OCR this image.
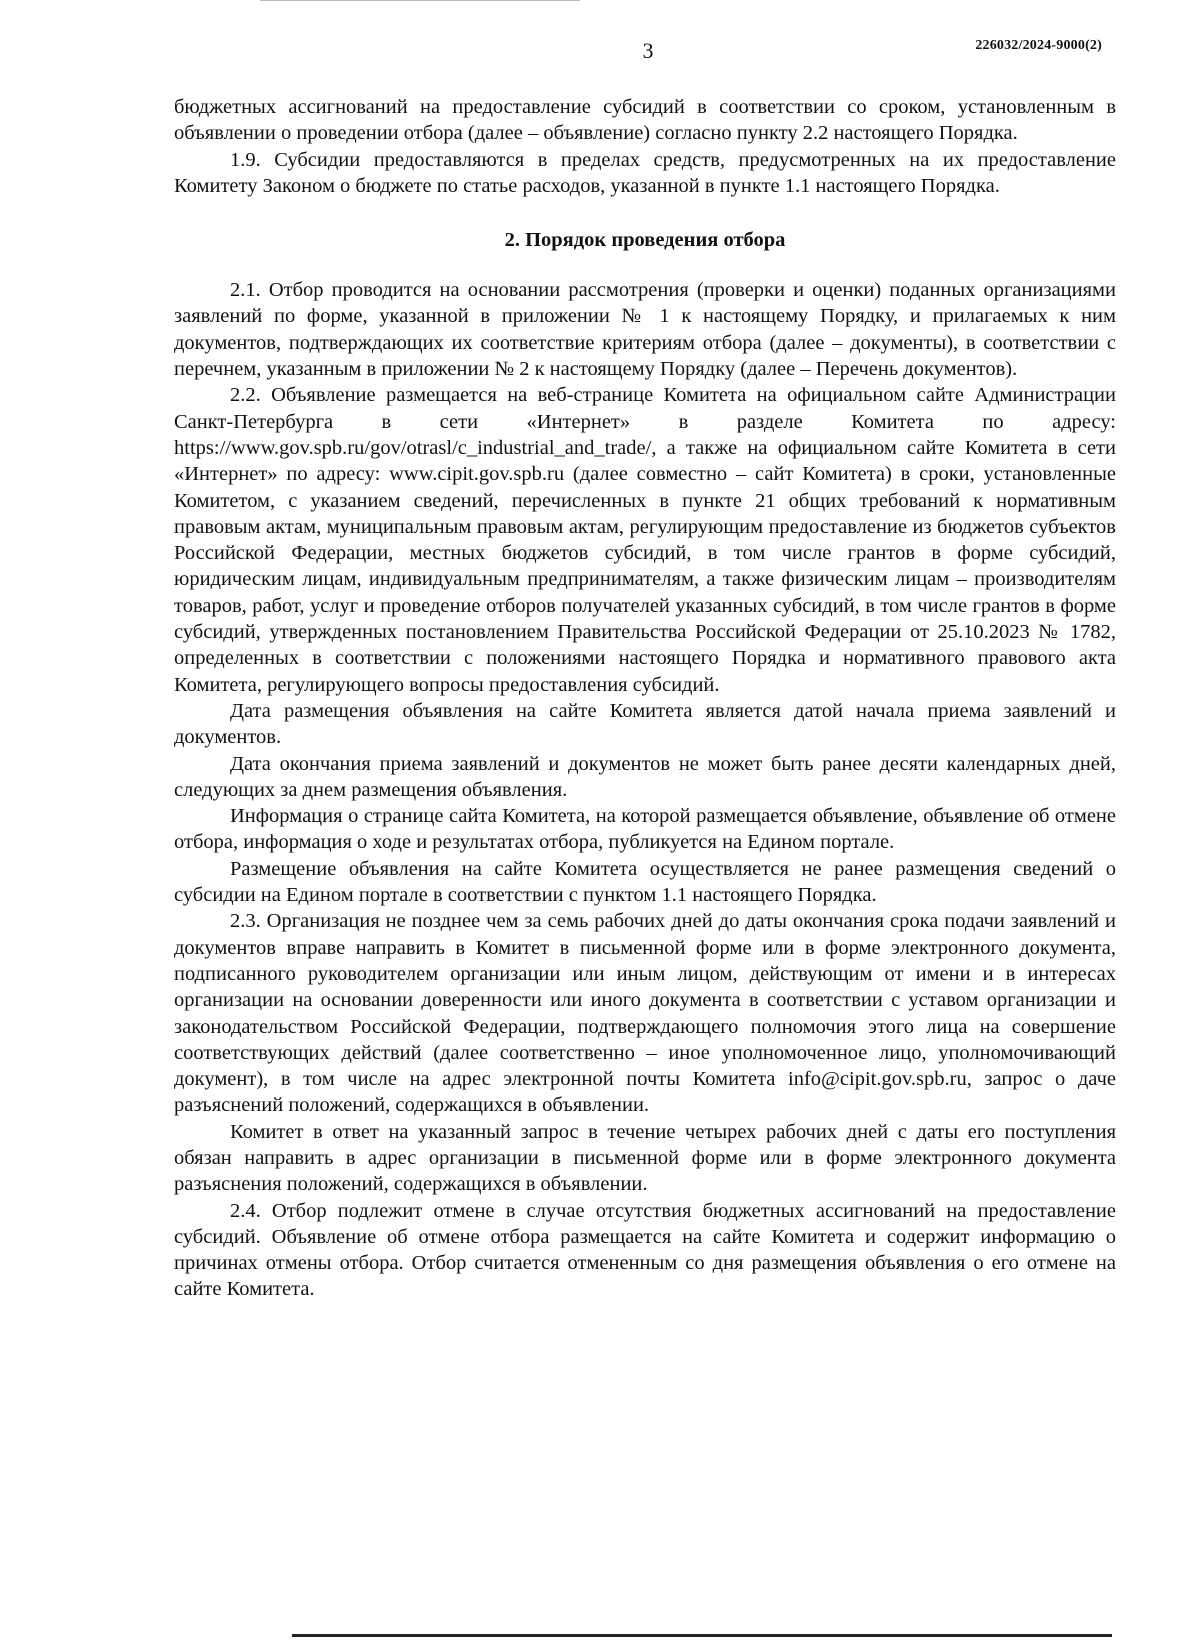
3	226032/2024-9000(2)

бюджетных ассигнований на предоставление субсидий в соответствии со сроком, установленным в объявлении о проведении отбора (далее – объявление) согласно пункту 2.2 настоящего Порядка.

1.9. Субсидии предоставляются в пределах средств, предусмотренных на их предоставление Комитету Законом о бюджете по статье расходов, указанной в пункте 1.1 настоящего Порядка.

2. Порядок проведения отбора

2.1. Отбор проводится на основании рассмотрения (проверки и оценки) поданных организациями заявлений по форме, указанной в приложении № 1 к настоящему Порядку, и прилагаемых к ним документов, подтверждающих их соответствие критериям отбора (далее – документы), в соответствии с перечнем, указанным в приложении № 2 к настоящему Порядку (далее – Перечень документов).

2.2. Объявление размещается на веб-странице Комитета на официальном сайте Администрации Санкт-Петербурга в сети «Интернет» в разделе Комитета по адресу: https://www.gov.spb.ru/gov/otrasl/c_industrial_and_trade/, а также на официальном сайте Комитета в сети «Интернет» по адресу: www.cipit.gov.spb.ru (далее совместно – сайт Комитета) в сроки, установленные Комитетом, с указанием сведений, перечисленных в пункте 21 общих требований к нормативным правовым актам, муниципальным правовым актам, регулирующим предоставление из бюджетов субъектов Российской Федерации, местных бюджетов субсидий, в том числе грантов в форме субсидий, юридическим лицам, индивидуальным предпринимателям, а также физическим лицам – производителям товаров, работ, услуг и проведение отборов получателей указанных субсидий, в том числе грантов в форме субсидий, утвержденных постановлением Правительства Российской Федерации от 25.10.2023 № 1782, определенных в соответствии с положениями настоящего Порядка и нормативного правового акта Комитета, регулирующего вопросы предоставления субсидий.

Дата размещения объявления на сайте Комитета является датой начала приема заявлений и документов.

Дата окончания приема заявлений и документов не может быть ранее десяти календарных дней, следующих за днем размещения объявления.

Информация о странице сайта Комитета, на которой размещается объявление, объявление об отмене отбора, информация о ходе и результатах отбора, публикуется на Едином портале.

Размещение объявления на сайте Комитета осуществляется не ранее размещения сведений о субсидии на Едином портале в соответствии с пунктом 1.1 настоящего Порядка.

2.3. Организация не позднее чем за семь рабочих дней до даты окончания срока подачи заявлений и документов вправе направить в Комитет в письменной форме или в форме электронного документа, подписанного руководителем организации или иным лицом, действующим от имени и в интересах организации на основании доверенности или иного документа в соответствии с уставом организации и законодательством Российской Федерации, подтверждающего полномочия этого лица на совершение соответствующих действий (далее соответственно – иное уполномоченное лицо, уполномочивающий документ), в том числе на адрес электронной почты Комитета info@cipit.gov.spb.ru, запрос о даче разъяснений положений, содержащихся в объявлении.

Комитет в ответ на указанный запрос в течение четырех рабочих дней с даты его поступления обязан направить в адрес организации в письменной форме или в форме электронного документа разъяснения положений, содержащихся в объявлении.

2.4. Отбор подлежит отмене в случае отсутствия бюджетных ассигнований на предоставление субсидий. Объявление об отмене отбора размещается на сайте Комитета и содержит информацию о причинах отмены отбора. Отбор считается отмененным со дня размещения объявления о его отмене на сайте Комитета.
